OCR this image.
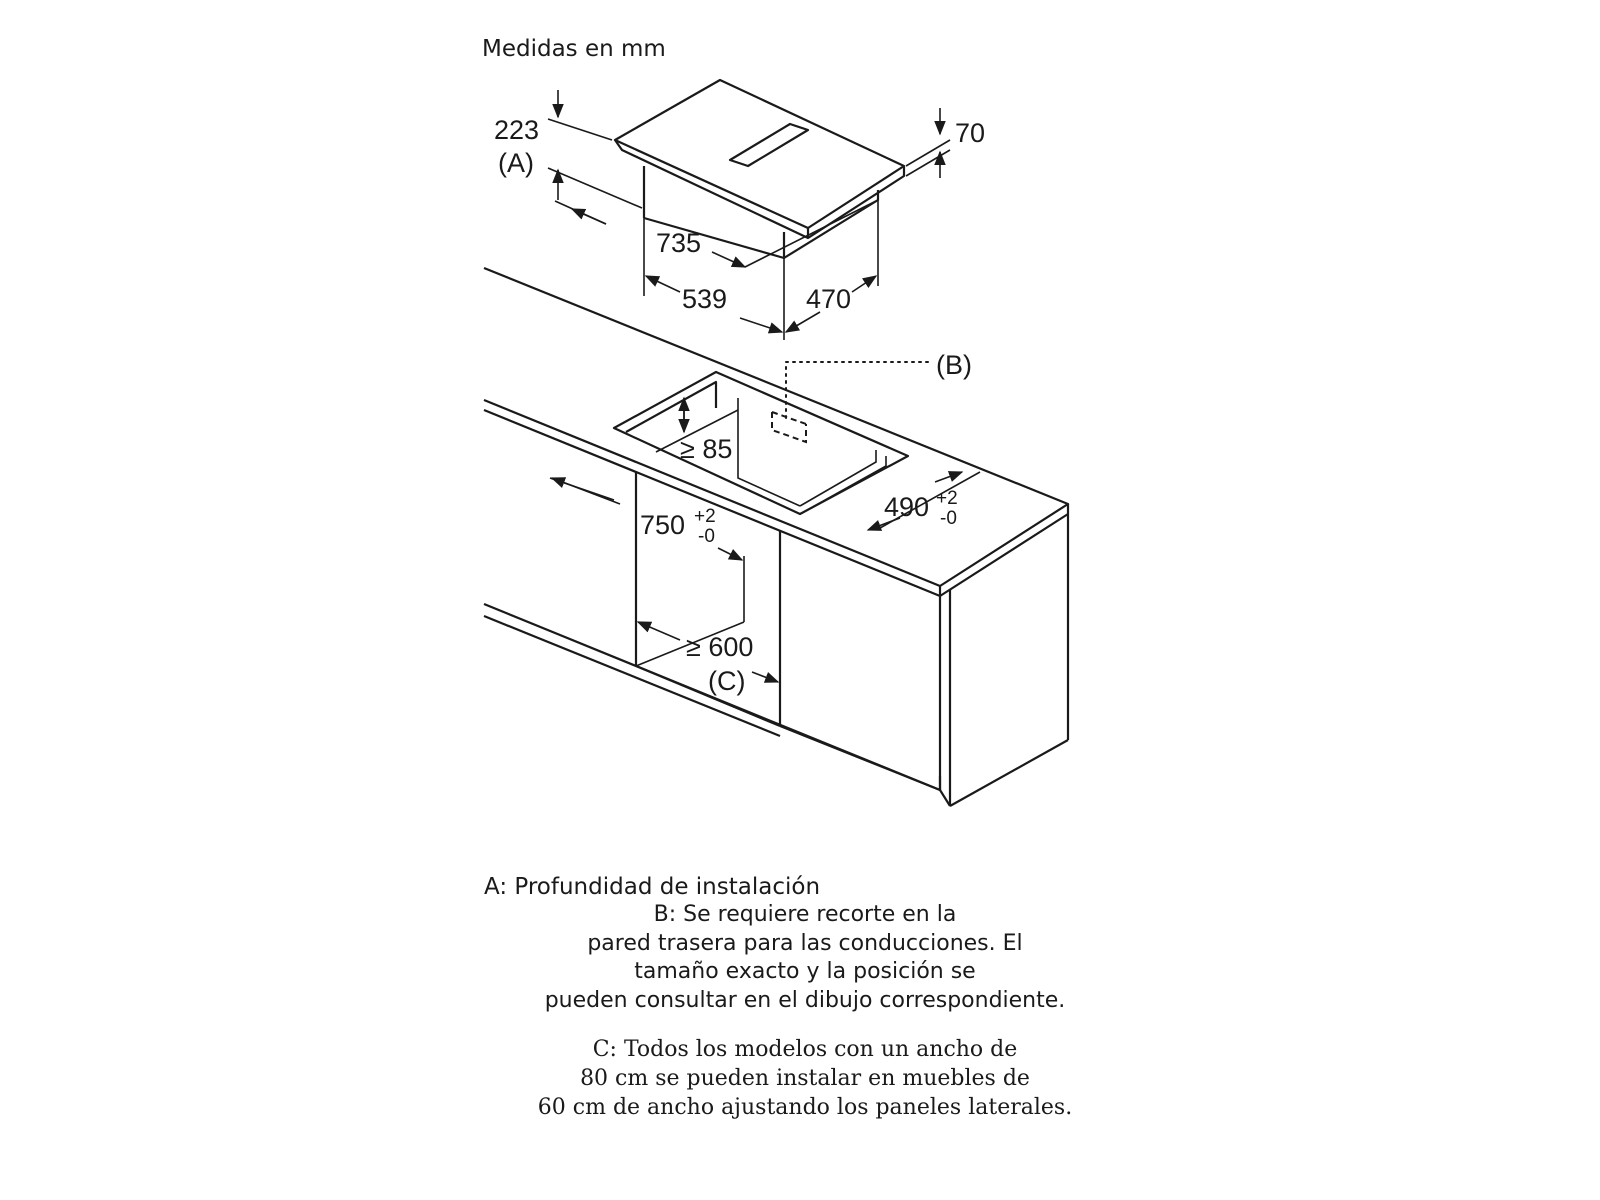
Medidas en mm
223
(A)
70
735
539	470
(B)
≥ 85
750 +2
-0
490 +2
-0
≥ 600
(C)
A: Profundidad de instalación
B: Se requiere recorte en la
pared trasera para las conducciones. El
tamaño exacto y la posición se
pueden consultar en el dibujo correspondiente.
C: Todos los modelos con un ancho de
80 cm se pueden instalar en muebles de
60 cm de ancho ajustando los paneles laterales.
